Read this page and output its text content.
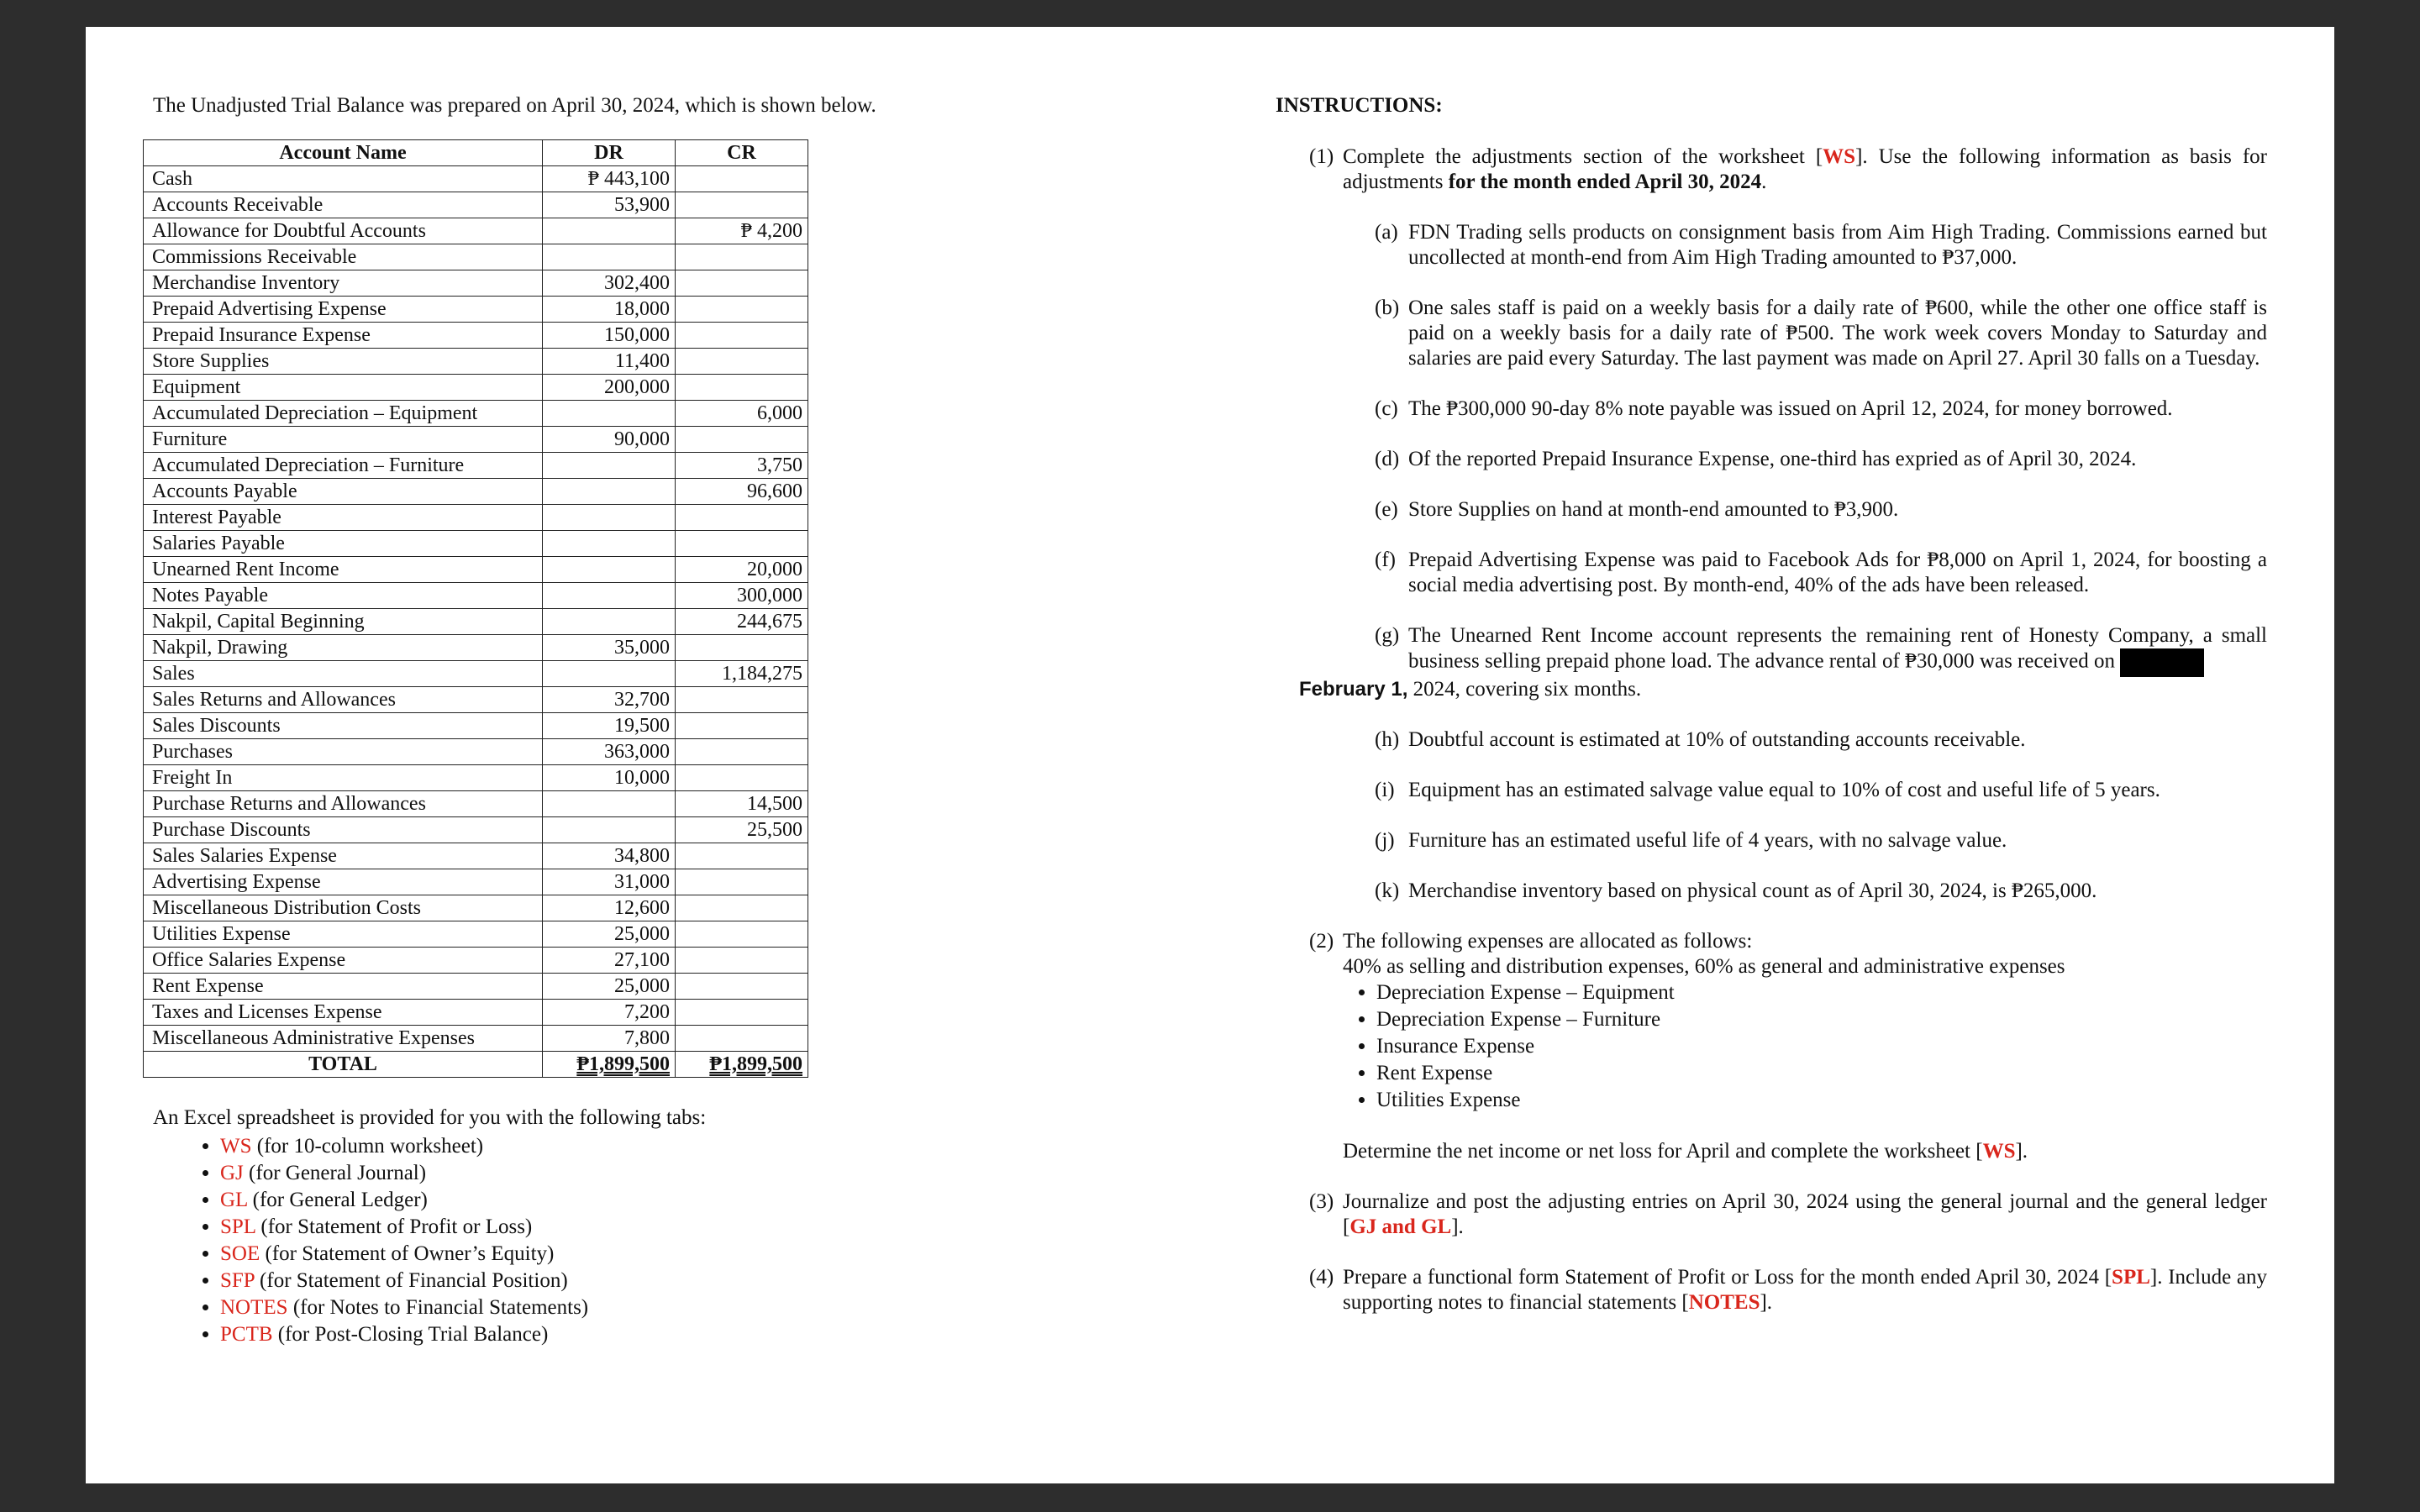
The Unadjusted Trial Balance was prepared on April 30, 2024, which is shown below.
Account Name	DR	CR
Cash	₱ 443,100	
Accounts Receivable	53,900	
Allowance for Doubtful Accounts		₱ 4,200
Commissions Receivable		
Merchandise Inventory	302,400	
Prepaid Advertising Expense	18,000	
Prepaid Insurance Expense	150,000	
Store Supplies	11,400	
Equipment	200,000	
Accumulated Depreciation – Equipment		6,000
Furniture	90,000	
Accumulated Depreciation – Furniture		3,750
Accounts Payable		96,600
Interest Payable		
Salaries Payable		
Unearned Rent Income		20,000
Notes Payable		300,000
Nakpil, Capital Beginning		244,675
Nakpil, Drawing	35,000	
Sales		1,184,275
Sales Returns and Allowances	32,700	
Sales Discounts	19,500	
Purchases	363,000	
Freight In	10,000	
Purchase Returns and Allowances		14,500
Purchase Discounts		25,500
Sales Salaries Expense	34,800	
Advertising Expense	31,000	
Miscellaneous Distribution Costs	12,600	
Utilities Expense	25,000	
Office Salaries Expense	27,100	
Rent Expense	25,000	
Taxes and Licenses Expense	7,200	
Miscellaneous Administrative Expenses	7,800	
TOTAL	₱1,899,500	₱1,899,500
An Excel spreadsheet is provided for you with the following tabs:
• WS (for 10-column worksheet)
• GJ (for General Journal)
• GL (for General Ledger)
• SPL (for Statement of Profit or Loss)
• SOE (for Statement of Owner’s Equity)
• SFP (for Statement of Financial Position)
• NOTES (for Notes to Financial Statements)
• PCTB (for Post-Closing Trial Balance)
INSTRUCTIONS:
(1) Complete the adjustments section of the worksheet [WS]. Use the following information as basis for adjustments for the month ended April 30, 2024.
(a) FDN Trading sells products on consignment basis from Aim High Trading. Commissions earned but uncollected at month-end from Aim High Trading amounted to ₱37,000.
(b) One sales staff is paid on a weekly basis for a daily rate of ₱600, while the other one office staff is paid on a weekly basis for a daily rate of ₱500. The work week covers Monday to Saturday and salaries are paid every Saturday. The last payment was made on April 27. April 30 falls on a Tuesday.
(c) The ₱300,000 90-day 8% note payable was issued on April 12, 2024, for money borrowed.
(d) Of the reported Prepaid Insurance Expense, one-third has expried as of April 30, 2024.
(e) Store Supplies on hand at month-end amounted to ₱3,900.
(f) Prepaid Advertising Expense was paid to Facebook Ads for ₱8,000 on April 1, 2024, for boosting a social media advertising post. By month-end, 40% of the ads have been released.
(g) The Unearned Rent Income account represents the remaining rent of Honesty Company, a small business selling prepaid phone load. The advance rental of ₱30,000 was received on
February 1, 2024, covering six months.
(h) Doubtful account is estimated at 10% of outstanding accounts receivable.
(i) Equipment has an estimated salvage value equal to 10% of cost and useful life of 5 years.
(j) Furniture has an estimated useful life of 4 years, with no salvage value.
(k) Merchandise inventory based on physical count as of April 30, 2024, is ₱265,000.
(2) The following expenses are allocated as follows:
40% as selling and distribution expenses, 60% as general and administrative expenses
• Depreciation Expense – Equipment
• Depreciation Expense – Furniture
• Insurance Expense
• Rent Expense
• Utilities Expense
Determine the net income or net loss for April and complete the worksheet [WS].
(3) Journalize and post the adjusting entries on April 30, 2024 using the general journal and the general ledger [GJ and GL].
(4) Prepare a functional form Statement of Profit or Loss for the month ended April 30, 2024 [SPL]. Include any supporting notes to financial statements [NOTES].
